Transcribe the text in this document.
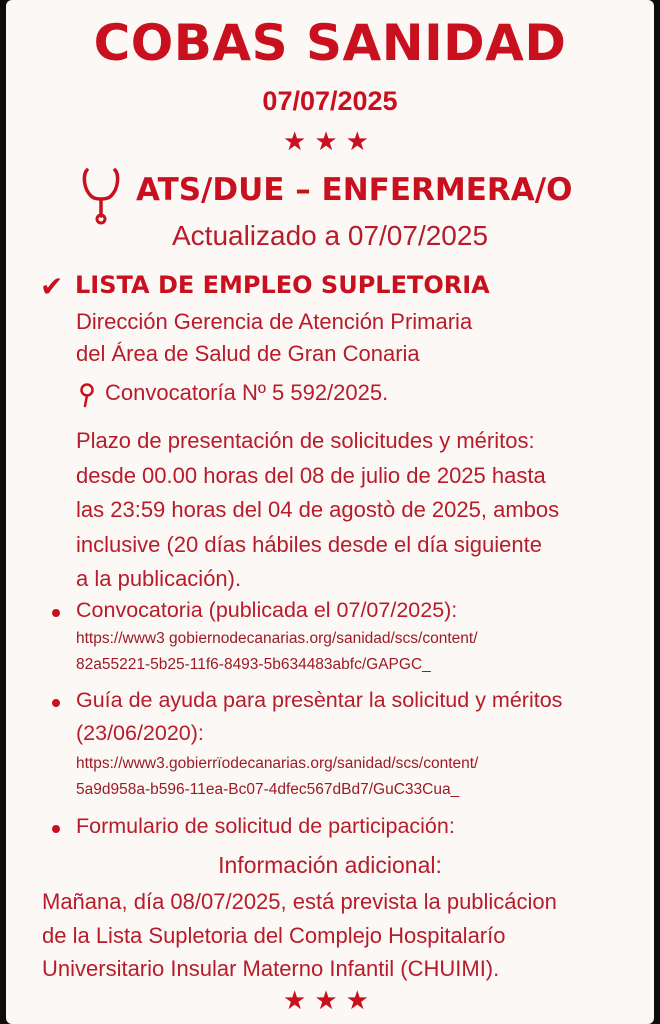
COBAS SANIDAD
07/07/2025
★★★
ATS/DUE – ENFERMERA/O
Actualizado a 07/07/2025
✔ LISTA DE EMPLEO SUPLETORIA
Dirección Gerencia de Atención Primaria
del Área de Salud de Gran Conaria
Convocatoría Nº 5 592/2025.
Plazo de presentación de solicitudes y méritos:
desde 00.00 horas del 08 de julio de 2025 hasta
las 23:59 horas del 04 de agostò de 2025, ambos
inclusive (20 días hábiles desde el día siguiente
a la publicación).
Convocatoria (publicada el 07/07/2025):
https://www3 gobiernodecanarias.org/sanidad/scs/content/
82a55221-5b25-11f6-8493-5b634483abfc/GAPGC_
Guía de ayuda para presèntar la solicitud y méritos
(23/06/2020):
https://www3.gobierrïodecanarias.org/sanidad/scs/content/
5a9d958a-b596-11ea-Bc07-4dfec567dBd7/GuC33Cua_
Formulario de solicitud de participación:
Información adicional:
Mañana, día 08/07/2025, está prevista la publicácion
de la Lista Supletoria del Complejo Hospitalarío
Universitario Insular Materno Infantil (CHUIMI).
★★★
